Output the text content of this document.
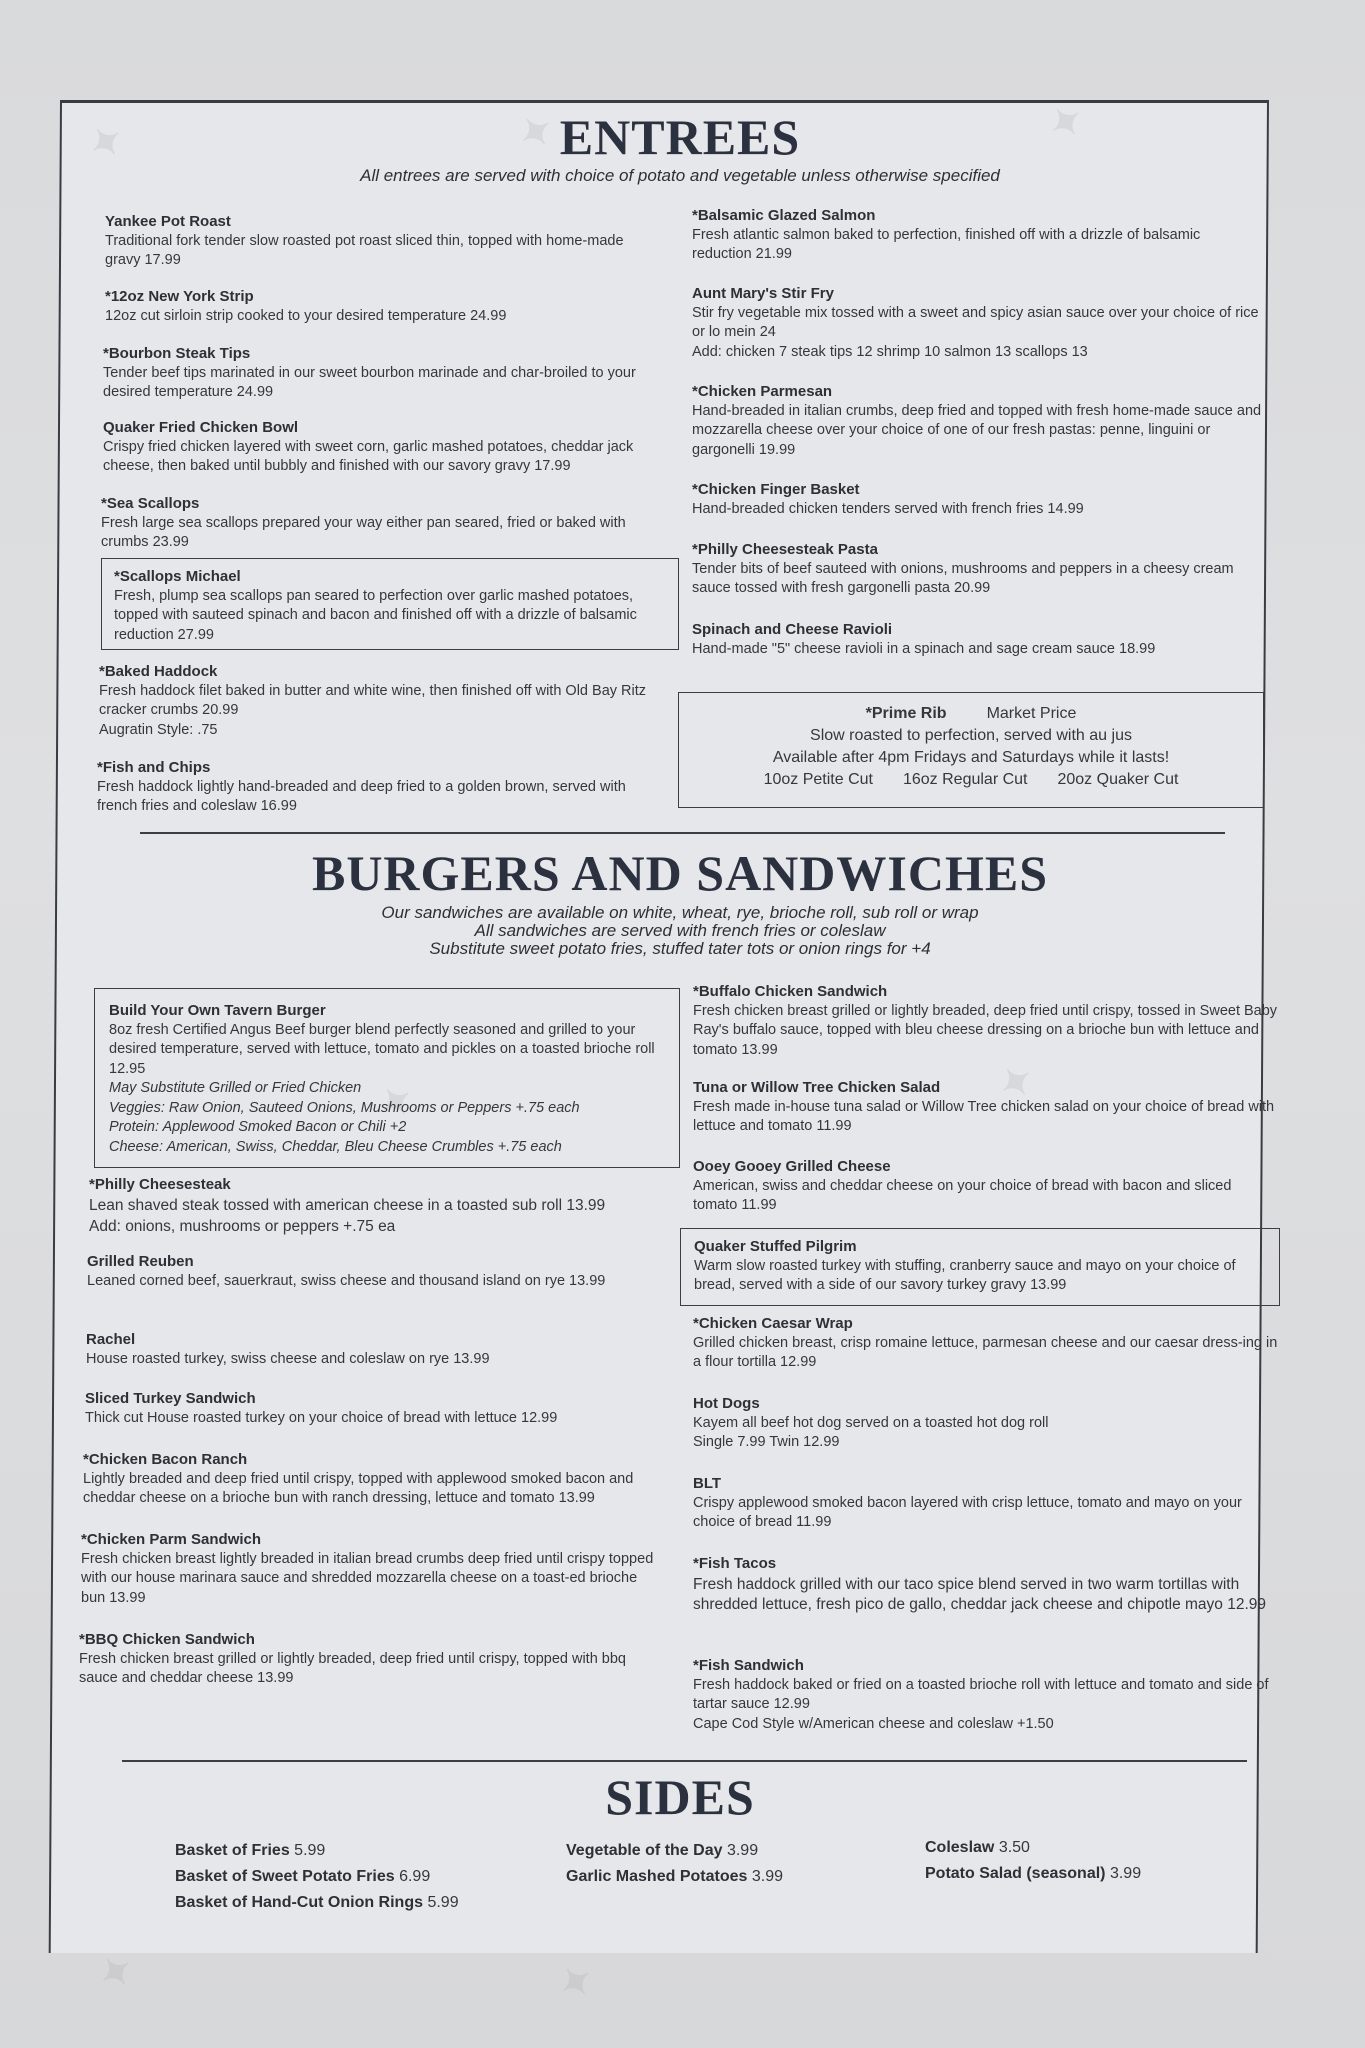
✦	✦	✦
✦	✦
✦	✦
ENTREES
All entrees are served with choice of potato and vegetable unless otherwise specified
Yankee Pot Roast
Traditional fork tender slow roasted pot roast sliced thin, topped with home-made gravy 17.99
*12oz New York Strip
12oz cut sirloin strip cooked to your desired temperature 24.99
*Bourbon Steak Tips
Tender beef tips marinated in our sweet bourbon marinade and char-broiled to your desired temperature 24.99
Quaker Fried Chicken Bowl
Crispy fried chicken layered with sweet corn, garlic mashed potatoes, cheddar jack cheese, then baked until bubbly and finished with our savory gravy 17.99
*Sea Scallops
Fresh large sea scallops prepared your way either pan seared, fried or baked with crumbs 23.99
*Scallops Michael
Fresh, plump sea scallops pan seared to perfection over garlic mashed potatoes, topped with sauteed spinach and bacon and finished off with a drizzle of balsamic reduction 27.99
*Baked Haddock
Fresh haddock filet baked in butter and white wine, then finished off with Old Bay Ritz cracker crumbs 20.99
Augratin Style: .75
*Fish and Chips
Fresh haddock lightly hand-breaded and deep fried to a golden brown, served with french fries and coleslaw 16.99
*Balsamic Glazed Salmon
Fresh atlantic salmon baked to perfection, finished off with a drizzle of balsamic reduction 21.99
Aunt Mary's Stir Fry
Stir fry vegetable mix tossed with a sweet and spicy asian sauce over your choice of rice or lo mein 24
Add: chicken 7 steak tips 12 shrimp 10 salmon 13 scallops 13
*Chicken Parmesan
Hand-breaded in italian crumbs, deep fried and topped with fresh home-made sauce and mozzarella cheese over your choice of one of our fresh pastas: penne, linguini or gargonelli 19.99
*Chicken Finger Basket
Hand-breaded chicken tenders served with french fries 14.99
*Philly Cheesesteak Pasta
Tender bits of beef sauteed with onions, mushrooms and peppers in a cheesy cream sauce tossed with fresh gargonelli pasta 20.99
Spinach and Cheese Ravioli
Hand-made "5" cheese ravioli in a spinach and sage cream sauce 18.99
*Prime Rib	Market Price
Slow roasted to perfection, served with au jus
Available after 4pm Fridays and Saturdays while it lasts!
10oz Petite Cut 16oz Regular Cut 20oz Quaker Cut
BURGERS AND SANDWICHES
Our sandwiches are available on white, wheat, rye, brioche roll, sub roll or wrap
All sandwiches are served with french fries or coleslaw
Substitute sweet potato fries, stuffed tater tots or onion rings for +4
Build Your Own Tavern Burger
8oz fresh Certified Angus Beef burger blend perfectly seasoned and grilled to your desired temperature, served with lettuce, tomato and pickles on a toasted brioche roll 12.95
May Substitute Grilled or Fried Chicken
Veggies: Raw Onion, Sauteed Onions, Mushrooms or Peppers +.75 each
Protein: Applewood Smoked Bacon or Chili +2
Cheese: American, Swiss, Cheddar, Bleu Cheese Crumbles +.75 each
*Philly Cheesesteak
Lean shaved steak tossed with american cheese in a toasted sub roll 13.99
Add: onions, mushrooms or peppers +.75 ea
Grilled Reuben
Leaned corned beef, sauerkraut, swiss cheese and thousand island on rye 13.99
Rachel
House roasted turkey, swiss cheese and coleslaw on rye 13.99
Sliced Turkey Sandwich
Thick cut House roasted turkey on your choice of bread with lettuce 12.99
*Chicken Bacon Ranch
Lightly breaded and deep fried until crispy, topped with applewood smoked bacon and cheddar cheese on a brioche bun with ranch dressing, lettuce and tomato 13.99
*Chicken Parm Sandwich
Fresh chicken breast lightly breaded in italian bread crumbs deep fried until crispy topped with our house marinara sauce and shredded mozzarella cheese on a toast-ed brioche bun 13.99
*BBQ Chicken Sandwich
Fresh chicken breast grilled or lightly breaded, deep fried until crispy, topped with bbq sauce and cheddar cheese 13.99
*Buffalo Chicken Sandwich
Fresh chicken breast grilled or lightly breaded, deep fried until crispy, tossed in Sweet Baby Ray's buffalo sauce, topped with bleu cheese dressing on a brioche bun with lettuce and tomato 13.99
Tuna or Willow Tree Chicken Salad
Fresh made in-house tuna salad or Willow Tree chicken salad on your choice of bread with lettuce and tomato 11.99
Ooey Gooey Grilled Cheese
American, swiss and cheddar cheese on your choice of bread with bacon and sliced tomato 11.99
Quaker Stuffed Pilgrim
Warm slow roasted turkey with stuffing, cranberry sauce and mayo on your choice of bread, served with a side of our savory turkey gravy 13.99
*Chicken Caesar Wrap
Grilled chicken breast, crisp romaine lettuce, parmesan cheese and our caesar dress-ing in a flour tortilla 12.99
Hot Dogs
Kayem all beef hot dog served on a toasted hot dog roll
Single 7.99 Twin 12.99
BLT
Crispy applewood smoked bacon layered with crisp lettuce, tomato and mayo on your choice of bread 11.99
*Fish Tacos
Fresh haddock grilled with our taco spice blend served in two warm tortillas with shredded lettuce, fresh pico de gallo, cheddar jack cheese and chipotle mayo 12.99
*Fish Sandwich
Fresh haddock baked or fried on a toasted brioche roll with lettuce and tomato and side of tartar sauce 12.99
Cape Cod Style w/American cheese and coleslaw +1.50
SIDES
Basket of Fries 5.99
Basket of Sweet Potato Fries 6.99
Basket of Hand-Cut Onion Rings 5.99
Vegetable of the Day 3.99
Garlic Mashed Potatoes 3.99
Coleslaw 3.50
Potato Salad (seasonal) 3.99
